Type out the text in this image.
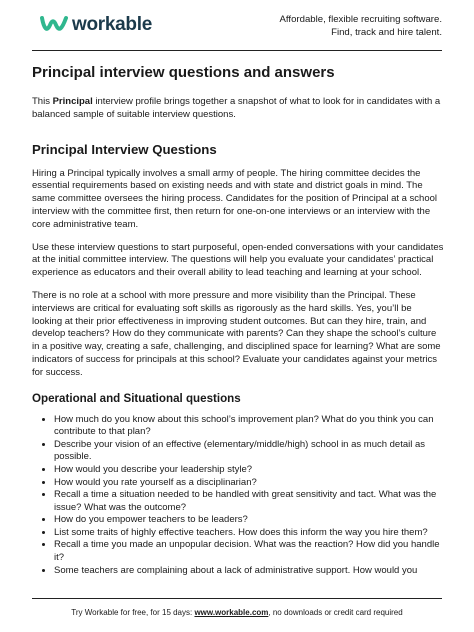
workable	Affordable, flexible recruiting software.
Find, track and hire talent.
Principal interview questions and answers

This Principal interview profile brings together a snapshot of what to look for in candidates with a balanced sample of suitable interview questions.

Principal Interview Questions

Hiring a Principal typically involves a small army of people. The hiring committee decides the essential requirements based on existing needs and with state and district goals in mind. The same committee oversees the hiring process. Candidates for the position of Principal at a school interview with the committee first, then return for one-on-one interviews or an interview with the core administrative team.

Use these interview questions to start purposeful, open-ended conversations with your candidates at the initial committee interview. The questions will help you evaluate your candidates’ practical experience as educators and their overall ability to lead teaching and learning at your school.

There is no role at a school with more pressure and more visibility than the Principal. These interviews are critical for evaluating soft skills as rigorously as the hard skills. Yes, you’ll be looking at their prior effectiveness in improving student outcomes. But can they hire, train, and develop teachers? How do they communicate with parents? Can they shape the school’s culture in a positive way, creating a safe, challenging, and disciplined space for learning? What are some indicators of success for principals at this school? Evaluate your candidates against your metrics for success.

Operational and Situational questions
• How much do you know about this school’s improvement plan? What do you think you can contribute to that plan?
• Describe your vision of an effective (elementary/middle/high) school in as much detail as possible.
• How would you describe your leadership style?
• How would you rate yourself as a disciplinarian?
• Recall a time a situation needed to be handled with great sensitivity and tact. What was the issue? What was the outcome?
• How do you empower teachers to be leaders?
• List some traits of highly effective teachers. How does this inform the way you hire them?
• Recall a time you made an unpopular decision. What was the reaction? How did you handle it?
• Some teachers are complaining about a lack of administrative support. How would you
Try Workable for free, for 15 days: www.workable.com, no downloads or credit card required
